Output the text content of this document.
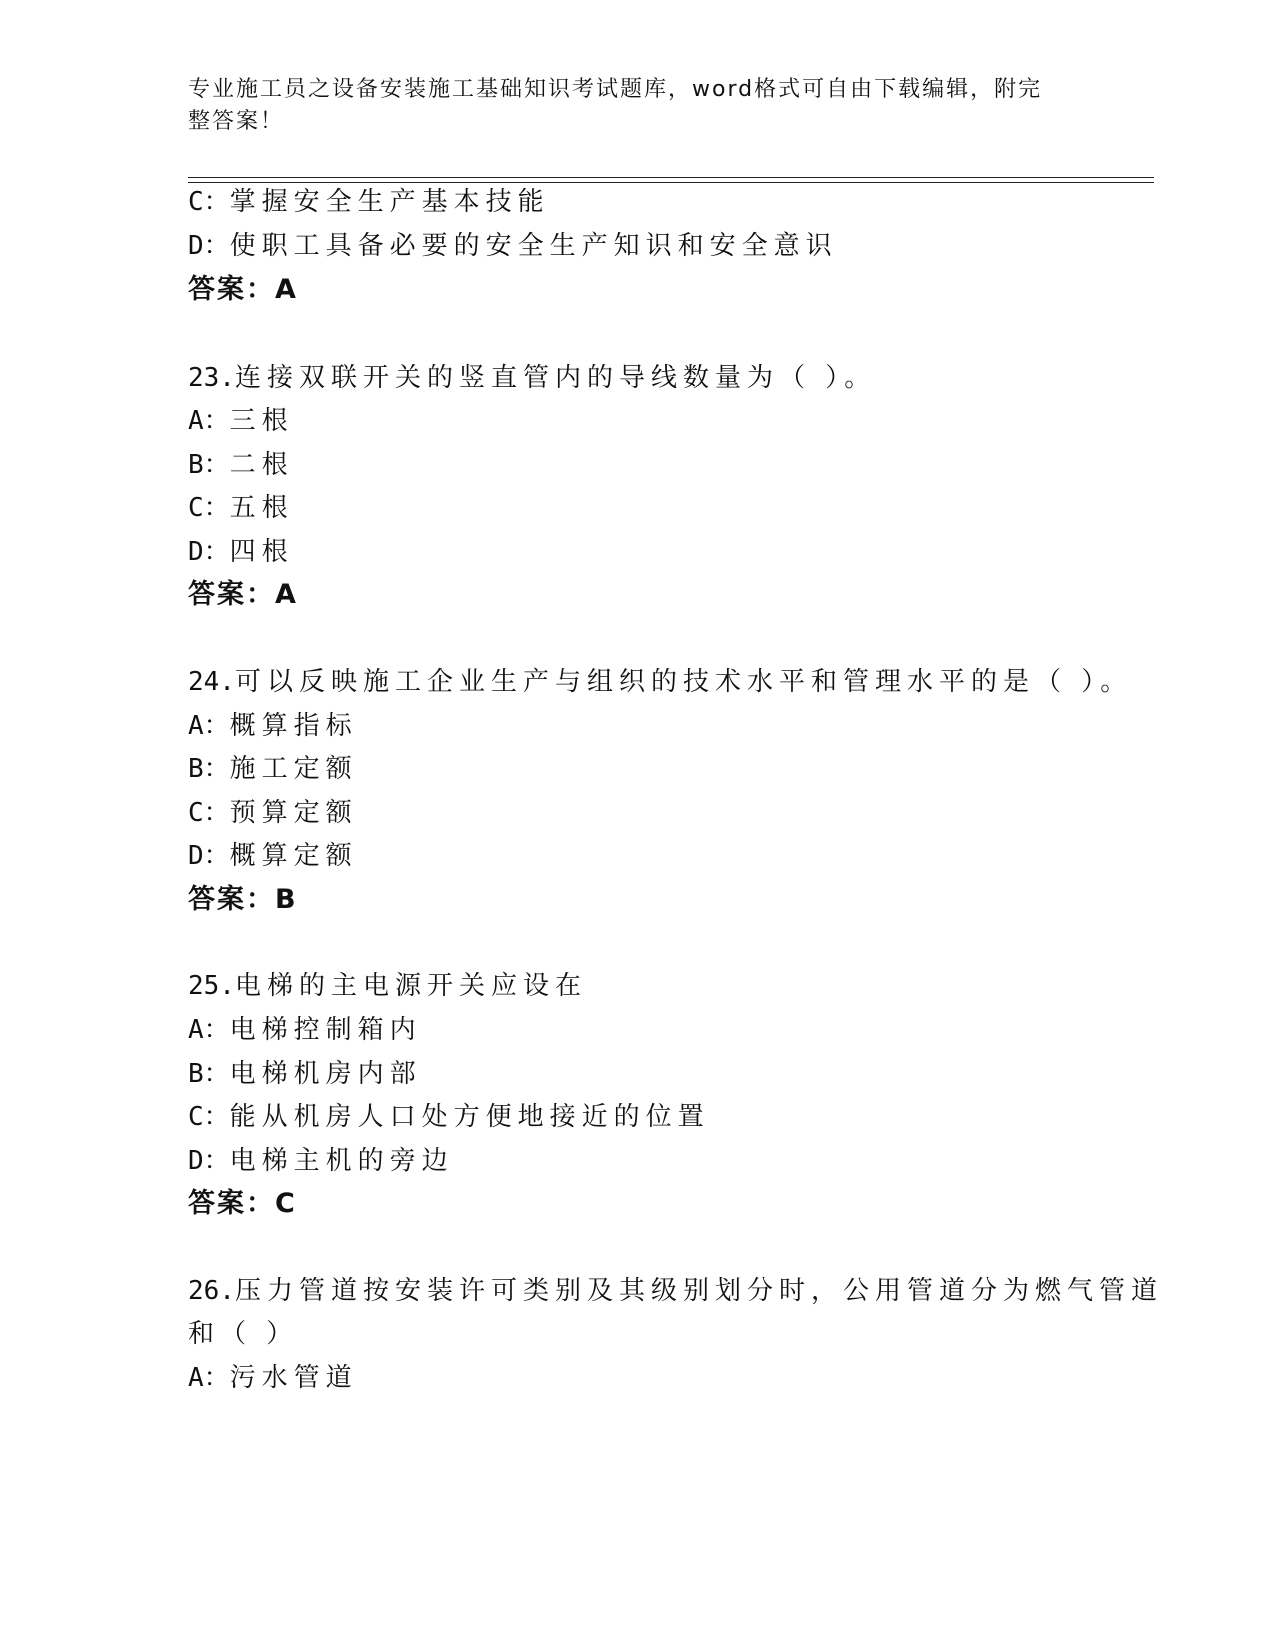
专业施工员之设备安装施工基础知识考试题库，word格式可自由下载编辑，附完
整答案！
C：掌握安全生产基本技能
D：使职工具备必要的安全生产知识和安全意识
答案：A
23.连接双联开关的竖直管内的导线数量为（ ）。
A：三根
B：二根
C：五根
D：四根
答案：A
24.可以反映施工企业生产与组织的技术水平和管理水平的是（ ）。
A：概算指标
B：施工定额
C：预算定额
D：概算定额
答案：B
25.电梯的主电源开关应设在
A：电梯控制箱内
B：电梯机房内部
C：能从机房人口处方便地接近的位置
D：电梯主机的旁边
答案：C
26.压力管道按安装许可类别及其级别划分时，公用管道分为燃气管道
和（ ）
A：污水管道
